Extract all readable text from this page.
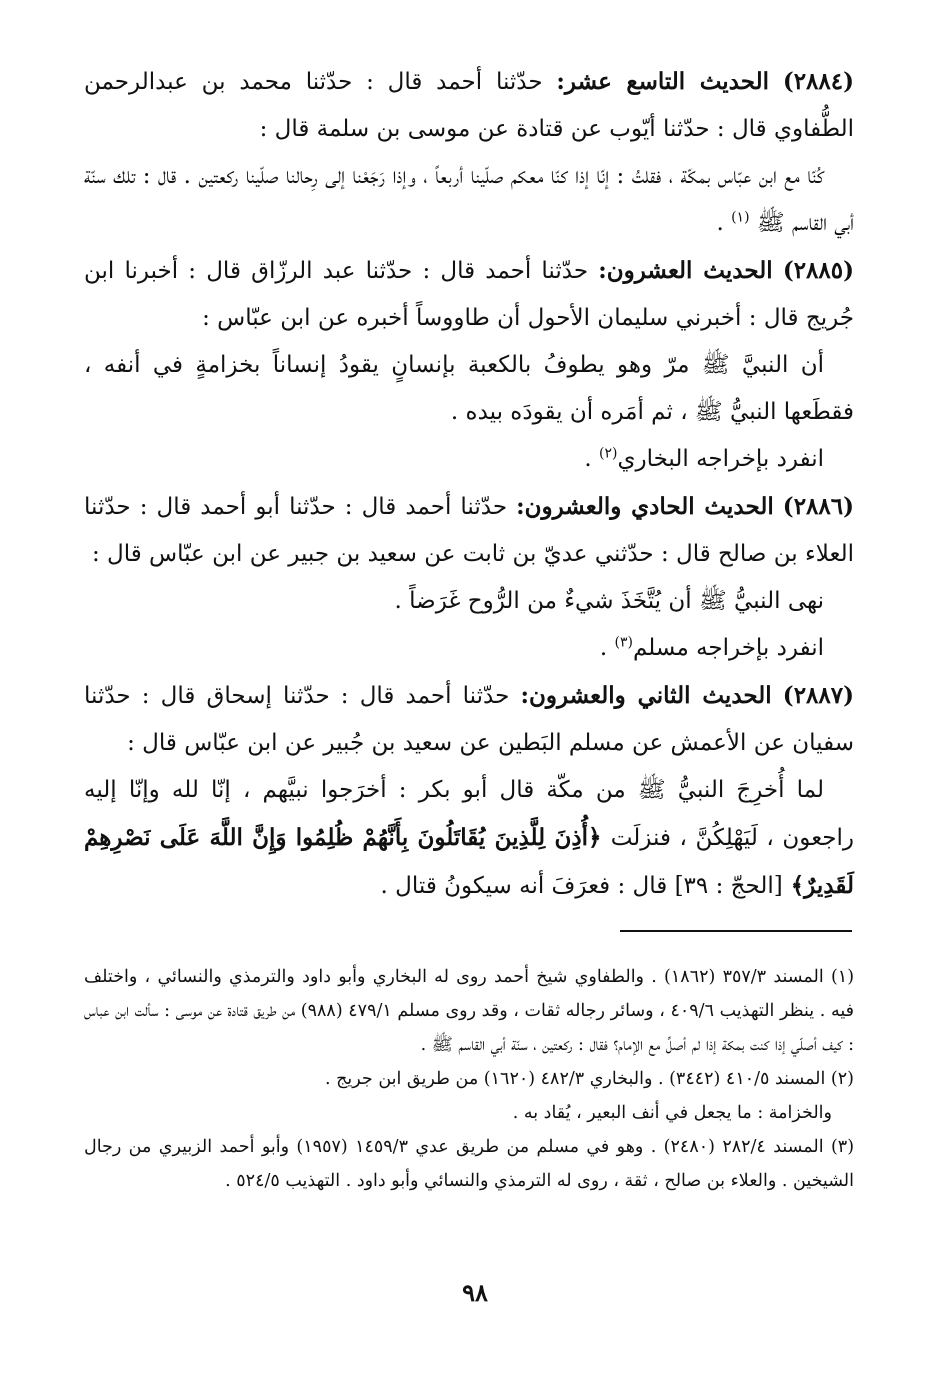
(٢٨٨٤) الحديث التاسع عشر: حدّثنا أحمد قال : حدّثنا محمد بن عبدالرحمن الطُّفاوي قال : حدّثنا أيّوب عن قتادة عن موسى بن سلمة قال :

كُنّا مع ابن عبّاس بمكّة ، فقلتُ : إنّا إذا كنّا معكم صلّينا أربعاً ، وإذا رَجَعْنا إلى رِحالنا صلّينا ركعتين . قال : تلك سنّة أبي القاسم ﷺ $^{(١)}$ .

(٢٨٨٥) الحديث العشرون: حدّثنا أحمد قال : حدّثنا عبد الرزّاق قال : أخبرنا ابن جُريج قال : أخبرني سليمان الأحول أن طاووساً أخبره عن ابن عبّاس :

أن النبيَّ ﷺ مرّ وهو يطوفُ بالكعبة بإنسانٍ يقودُ إنساناً بخزامةٍ في أنفه ، فقطَعها النبيُّ ﷺ ، ثم أمَره أن يقودَه بيده .

انفرد بإخراجه البخاري$^{(٢)}$ .

(٢٨٨٦) الحديث الحادي والعشرون: حدّثنا أحمد قال : حدّثنا أبو أحمد قال : حدّثنا العلاء بن صالح قال : حدّثني عديّ بن ثابت عن سعيد بن جبير عن ابن عبّاس قال :

نهى النبيُّ ﷺ أن يُتَّخَذَ شيءٌ من الرُّوح غَرَضاً .

انفرد بإخراجه مسلم$^{(٣)}$ .

(٢٨٨٧) الحديث الثاني والعشرون: حدّثنا أحمد قال : حدّثنا إسحاق قال : حدّثنا سفيان عن الأعمش عن مسلم البَطين عن سعيد بن جُبير عن ابن عبّاس قال :

لما أُخرِجَ النبيُّ ﷺ من مكّة قال أبو بكر : أخرَجوا نبيَّهم ، إنّا لله وإنّا إليه راجعون ، لَيَهْلِكُنَّ ، فنزلَت ﴿أُذِنَ لِلَّذِينَ يُقَاتَلُونَ بِأَنَّهُمْ ظُلِمُوا وَإِنَّ اللَّهَ عَلَى نَصْرِهِمْ لَقَدِيرٌ﴾ [الحجّ : ٣٩] قال : فعرَفَ أنه سيكونُ قتال .

(١) المسند ٣٥٧/٣ (١٨٦٢) . والطفاوي شيخ أحمد روى له البخاري وأبو داود والترمذي والنسائي ، واختلف فيه . ينظر التهذيب ٤٠٩/٦ ، وسائر رجاله ثقات ، وقد روى مسلم ٤٧٩/١ (٩٨٨) من طريق قتادة عن موسى : سألت ابن عباس : كيف أصلّي إذا كنت بمكة إذا لم أصلِّ مع الإمام؟ فقال : ركعتين ، سنّة أبي القاسم ﷺ .

(٢) المسند ٤١٠/٥ (٣٤٤٢) . والبخاري ٤٨٢/٣ (١٦٢٠) من طريق ابن جريج .

والخزامة : ما يجعل في أنف البعير ، يُقاد به .

(٣) المسند ٢٨٢/٤ (٢٤٨٠) . وهو في مسلم من طريق عدي ١٤٥٩/٣ (١٩٥٧) وأبو أحمد الزبيري من رجال الشيخين . والعلاء بن صالح ، ثقة ، روى له الترمذي والنسائي وأبو داود . التهذيب ٥٢٤/٥ .

٩٨
